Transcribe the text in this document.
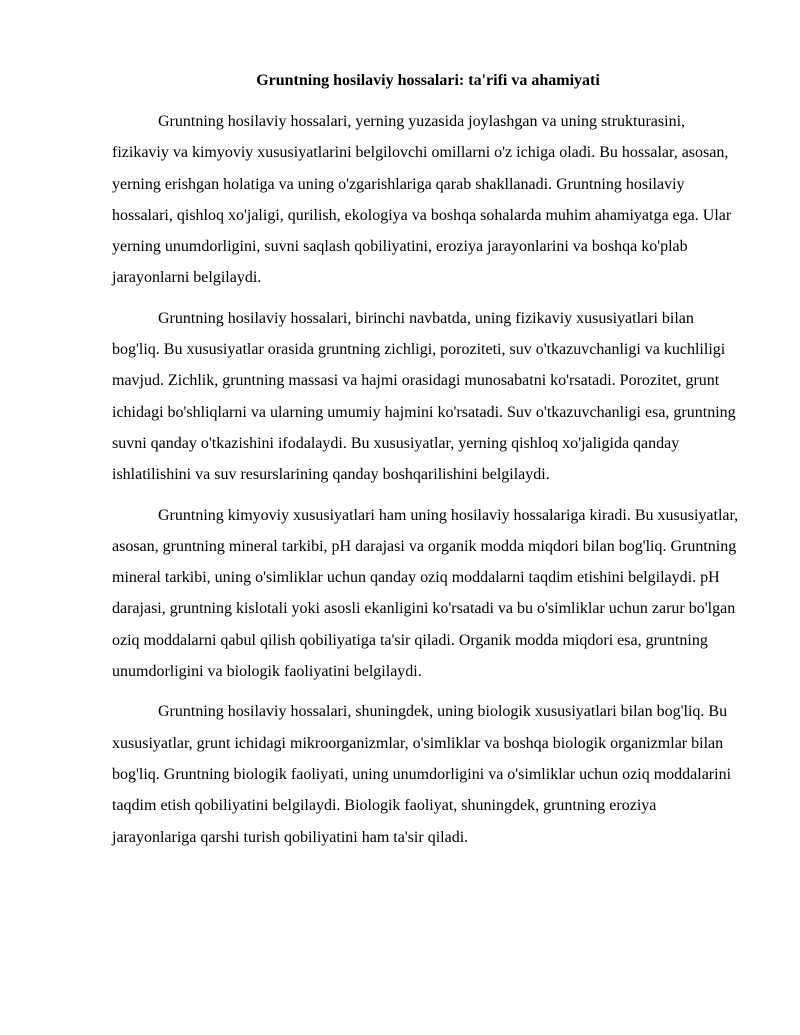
Gruntning hosilaviy hossalari: ta'rifi va ahamiyati

Gruntning hosilaviy hossalari, yerning yuzasida joylashgan va uning strukturasini, fizikaviy va kimyoviy xususiyatlarini belgilovchi omillarni o'z ichiga oladi. Bu hossalar, asosan, yerning erishgan holatiga va uning o'zgarishlariga qarab shakllanadi. Gruntning hosilaviy hossalari, qishloq xo'jaligi, qurilish, ekologiya va boshqa sohalarda muhim ahamiyatga ega. Ular yerning unumdorligini, suvni saqlash qobiliyatini, eroziya jarayonlarini va boshqa ko'plab jarayonlarni belgilaydi.

Gruntning hosilaviy hossalari, birinchi navbatda, uning fizikaviy xususiyatlari bilan bog'liq. Bu xususiyatlar orasida gruntning zichligi, poroziteti, suv o'tkazuvchanligi va kuchliligi mavjud. Zichlik, gruntning massasi va hajmi orasidagi munosabatni ko'rsatadi. Porozitet, grunt ichidagi bo'shliqlarni va ularning umumiy hajmini ko'rsatadi. Suv o'tkazuvchanligi esa, gruntning suvni qanday o'tkazishini ifodalaydi. Bu xususiyatlar, yerning qishloq xo'jaligida qanday ishlatilishini va suv resurslarining qanday boshqarilishini belgilaydi.

Gruntning kimyoviy xususiyatlari ham uning hosilaviy hossalariga kiradi. Bu xususiyatlar, asosan, gruntning mineral tarkibi, pH darajasi va organik modda miqdori bilan bog'liq. Gruntning mineral tarkibi, uning o'simliklar uchun qanday oziq moddalarni taqdim etishini belgilaydi. pH darajasi, gruntning kislotali yoki asosli ekanligini ko'rsatadi va bu o'simliklar uchun zarur bo'lgan oziq moddalarni qabul qilish qobiliyatiga ta'sir qiladi. Organik modda miqdori esa, gruntning unumdorligini va biologik faoliyatini belgilaydi.

Gruntning hosilaviy hossalari, shuningdek, uning biologik xususiyatlari bilan bog'liq. Bu xususiyatlar, grunt ichidagi mikroorganizmlar, o'simliklar va boshqa biologik organizmlar bilan bog'liq. Gruntning biologik faoliyati, uning unumdorligini va o'simliklar uchun oziq moddalarini taqdim etish qobiliyatini belgilaydi. Biologik faoliyat, shuningdek, gruntning eroziya jarayonlariga qarshi turish qobiliyatini ham ta'sir qiladi.
